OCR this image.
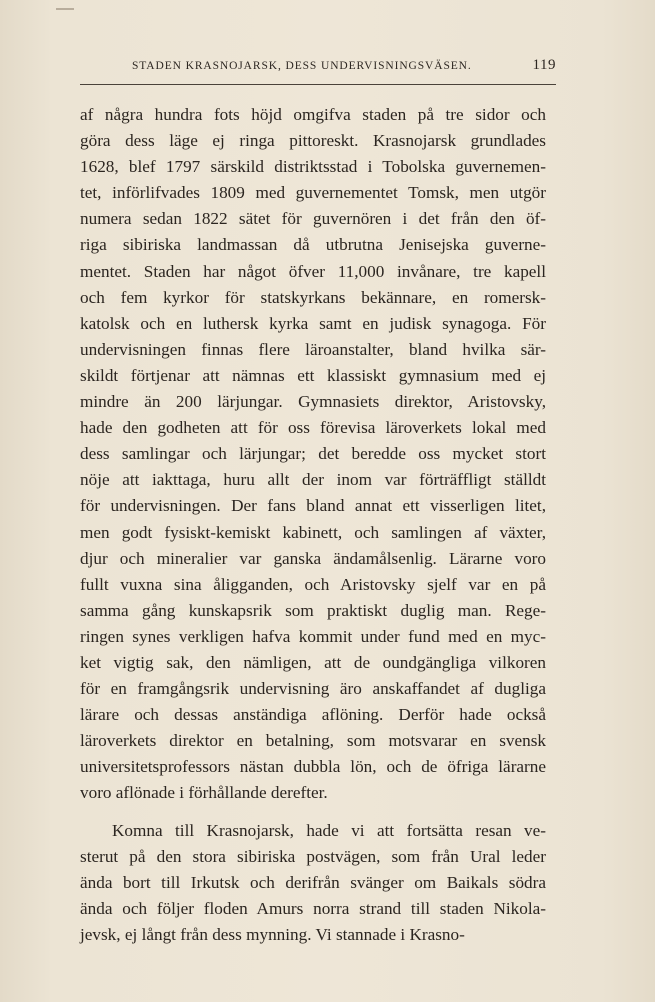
STADEN KRASNOJARSK, DESS UNDERVISNINGSVÄSEN.	119
af några hundra fots höjd omgifva staden på tre sidor och
göra dess läge ej ringa pittoreskt. Krasnojarsk grundlades
1628, blef 1797 särskild distriktsstad i Tobolska guvernemen-
tet, införlifvades 1809 med guvernementet Tomsk, men utgör
numera sedan 1822 sätet för guvernören i det från den öf-
riga sibiriska landmassan då utbrutna Jenisejska guverne-
mentet. Staden har något öfver 11,000 invånare, tre kapell
och fem kyrkor för statskyrkans bekännare, en romersk-
katolsk och en luthersk kyrka samt en judisk synagoga. För
undervisningen finnas flere läroanstalter, bland hvilka sär-
skildt förtjenar att nämnas ett klassiskt gymnasium med ej
mindre än 200 lärjungar. Gymnasiets direktor, Aristovsky,
hade den godheten att för oss förevisa läroverkets lokal med
dess samlingar och lärjungar; det beredde oss mycket stort
nöje att iakttaga, huru allt der inom var förträffligt ställdt
för undervisningen. Der fans bland annat ett visserligen litet,
men godt fysiskt-kemiskt kabinett, och samlingen af växter,
djur och mineralier var ganska ändamålsenlig. Lärarne voro
fullt vuxna sina åligganden, och Aristovsky sjelf var en på
samma gång kunskapsrik som praktiskt duglig man. Rege-
ringen synes verkligen hafva kommit under fund med en myc-
ket vigtig sak, den nämligen, att de oundgängliga vilkoren
för en framgångsrik undervisning äro anskaffandet af dugliga
lärare och dessas anständiga aflöning. Derför hade också
läroverkets direktor en betalning, som motsvarar en svensk
universitetsprofessors nästan dubbla lön, och de öfriga lärarne
voro aflönade i förhållande derefter.
Komna till Krasnojarsk, hade vi att fortsätta resan ve-
sterut på den stora sibiriska postvägen, som från Ural leder
ända bort till Irkutsk och derifrån svänger om Baikals södra
ända och följer floden Amurs norra strand till staden Nikola-
jevsk, ej långt från dess mynning. Vi stannade i Krasno-
